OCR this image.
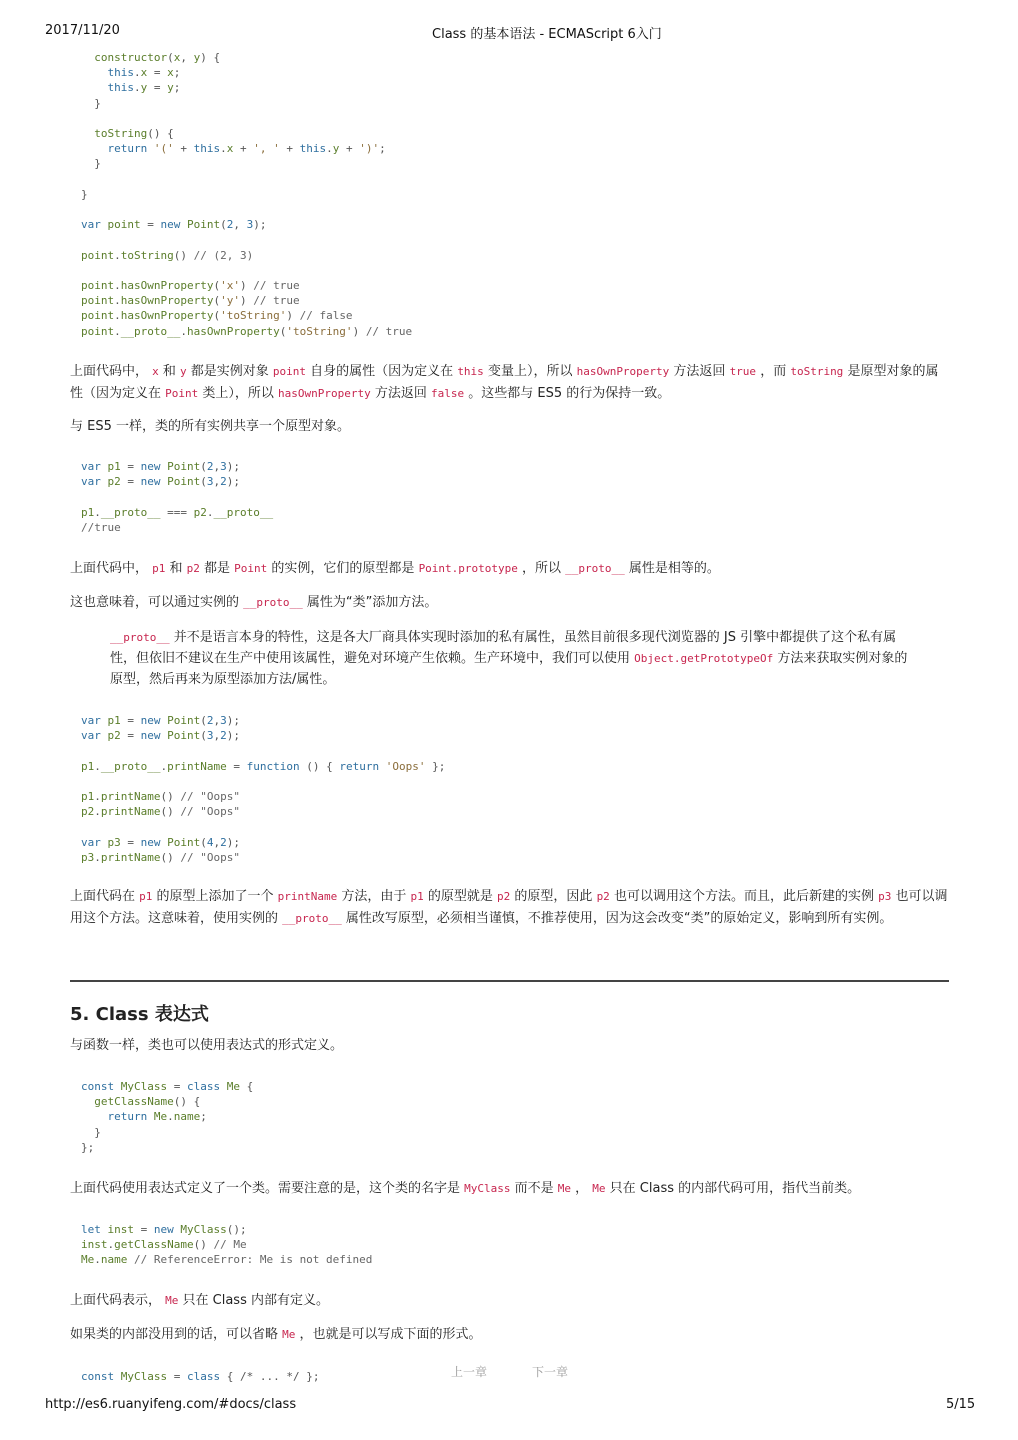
2017/11/20	Class 的基本语法 - ECMAScript 6入门
http://es6.ruanyifeng.com/#docs/class	5/15
constructor(x, y) {
this.x = x;
this.y = y;
}

toString() {
return '(' + this.x + ', ' + this.y + ')';
}

}

var point = new Point(2, 3);

point.toString() // (2, 3)

point.hasOwnProperty('x') // true
point.hasOwnProperty('y') // true
point.hasOwnProperty('toString') // false
point.__proto__.hasOwnProperty('toString') // true

上面代码中， x 和 y 都是实例对象 point 自身的属性（因为定义在 this 变量上），所以 hasOwnProperty 方法返回 true ，而 toString 是原型对象的属性（因为定义在 Point 类上），所以 hasOwnProperty 方法返回 false 。这些都与 ES5 的行为保持一致。
与 ES5 一样，类的所有实例共享一个原型对象。
var p1 = new Point(2,3);
var p2 = new Point(3,2);

p1.__proto__ === p2.__proto__
//true

上面代码中， p1 和 p2 都是 Point 的实例，它们的原型都是 Point.prototype ，所以 __proto__ 属性是相等的。
这也意味着，可以通过实例的 __proto__ 属性为“类”添加方法。
__proto__ 并不是语言本身的特性，这是各大厂商具体实现时添加的私有属性，虽然目前很多现代浏览器的 JS 引擎中都提供了这个私有属性，但依旧不建议在生产中使用该属性，避免对环境产生依赖。生产环境中，我们可以使用 Object.getPrototypeOf 方法来获取实例对象的原型，然后再来为原型添加方法/属性。
var p1 = new Point(2,3);
var p2 = new Point(3,2);

p1.__proto__.printName = function () { return 'Oops' };

p1.printName() // "Oops"
p2.printName() // "Oops"

var p3 = new Point(4,2);
p3.printName() // "Oops"

上面代码在 p1 的原型上添加了一个 printName 方法，由于 p1 的原型就是 p2 的原型，因此 p2 也可以调用这个方法。而且，此后新建的实例 p3 也可以调用这个方法。这意味着，使用实例的 __proto__ 属性改写原型，必须相当谨慎，不推荐使用，因为这会改变“类”的原始定义，影响到所有实例。
5. Class 表达式
与函数一样，类也可以使用表达式的形式定义。
const MyClass = class Me {
getClassName() {
return Me.name;
}
};

上面代码使用表达式定义了一个类。需要注意的是，这个类的名字是 MyClass 而不是 Me ， Me 只在 Class 的内部代码可用，指代当前类。
let inst = new MyClass();
inst.getClassName() // Me
Me.name // ReferenceError: Me is not defined

上面代码表示， Me 只在 Class 内部有定义。
如果类的内部没用到的话，可以省略 Me ，也就是可以写成下面的形式。
const MyClass = class { /* ... */ };	上一章	下一章
